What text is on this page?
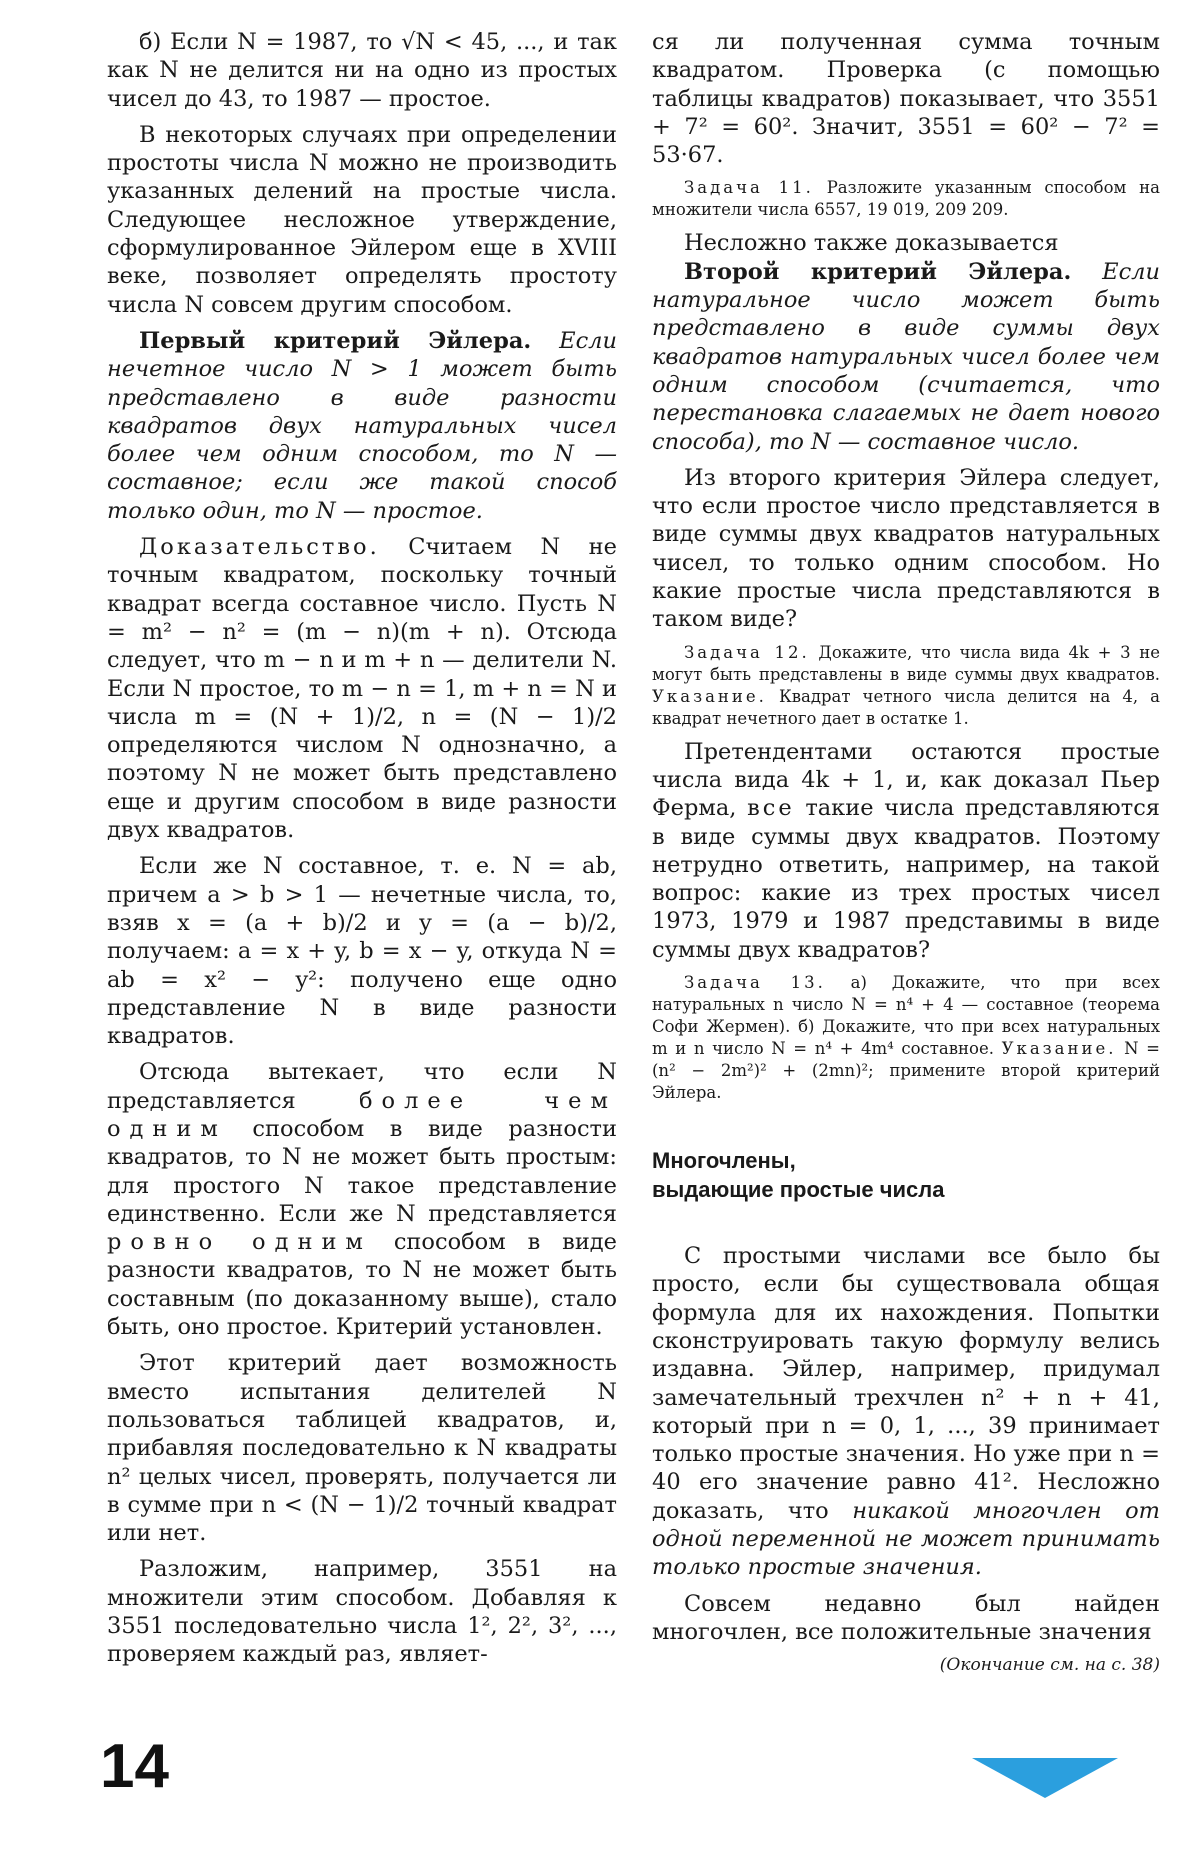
б) Если N = 1987, то √N < 45, ..., и так как N не делится ни на одно из простых чисел до 43, то 1987 — простое.

В некоторых случаях при определении простоты числа N можно не производить указанных делений на простые числа. Следующее несложное утверждение, сформулированное Эйлером еще в XVIII веке, позволяет определять простоту числа N совсем другим способом.

Первый критерий Эйлера. Если нечетное число N > 1 может быть представлено в виде разности квадратов двух натуральных чисел более чем одним способом, то N — составное; если же такой способ только один, то N — простое.

Доказательство. Считаем N не точным квадратом, поскольку точный квадрат всегда составное число. Пусть N = m² − n² = (m − n)(m + n). Отсюда следует, что m − n и m + n — делители N. Если N простое, то m − n = 1, m + n = N и числа m = (N + 1)/2, n = (N − 1)/2 определяются числом N однозначно, а поэтому N не может быть представлено еще и другим способом в виде разности двух квадратов.

Если же N составное, т. е. N = ab, причем a > b > 1 — нечетные числа, то, взяв x = (a + b)/2 и y = (a − b)/2, получаем: a = x + y, b = x − y, откуда N = ab = x² − y²: получено еще одно представление N в виде разности квадратов.

Отсюда вытекает, что если N представляется	более чем одним способом в виде разности квадратов, то N не может быть простым: для простого N такое представление единственно. Если же N представляется ровно одним способом в виде разности квадратов, то N не может быть составным (по доказанному выше), стало быть, оно простое. Критерий установлен.

Этот критерий дает возможность вместо испытания делителей N пользоваться таблицей квадратов, и, прибавляя последовательно к N квадраты n² целых чисел, проверять, получается ли в сумме при n < (N − 1)/2 точный квадрат или нет.

Разложим, например, 3551 на множители этим способом. Добавляя к 3551 последовательно числа 1², 2², 3², ..., проверяем каждый раз, являет-

ся ли полученная сумма точным квадратом. Проверка (с помощью таблицы квадратов) показывает, что 3551 + 7² = 60². Значит, 3551 = 60² − 7² = 53·67.

Задача 11. Разложите указанным способом на множители числа 6557, 19 019, 209 209.

Несложно также доказывается

Второй критерий Эйлера. Если натуральное число может быть представлено в виде суммы двух квадратов натуральных чисел более чем одним способом (считается, что перестановка слагаемых не дает нового способа), то N — составное число.

Из второго критерия Эйлера следует, что если простое число представляется в виде суммы двух квадратов натуральных чисел, то только одним способом. Но какие простые числа представляются в таком виде?

Задача 12. Докажите, что числа вида 4k + 3 не могут быть представлены в виде суммы двух квадратов. Указание. Квадрат четного числа делится на 4, а квадрат нечетного дает в остатке 1.

Претендентами остаются простые числа вида 4k + 1, и, как доказал Пьер Ферма, все такие числа представляются в виде суммы двух квадратов. Поэтому нетрудно ответить, например, на такой вопрос: какие из трех простых чисел 1973, 1979 и 1987 представимы в виде суммы двух квадратов?

Задача 13. а) Докажите, что при всех натуральных n число N = n⁴ + 4 — составное (теорема Софи Жермен). б) Докажите, что при всех натуральных m и n число N = n⁴ + 4m⁴ составное. Указание. N = (n² − 2m²)² + (2mn)²; примените второй критерий Эйлера.

Многочлены,
выдающие простые числа

С простыми числами все было бы просто, если бы существовала общая формула для их нахождения. Попытки сконструировать такую формулу велись издавна. Эйлер, например, придумал замечательный трехчлен n² + n + 41, который при n = 0, 1, ..., 39 принимает только простые значения. Но уже при n = 40 его значение равно 41². Несложно доказать, что никакой многочлен от одной переменной не может принимать только простые значения.

Совсем недавно был найден многочлен, все положительные значения

(Окончание см. на с. 38)

14
